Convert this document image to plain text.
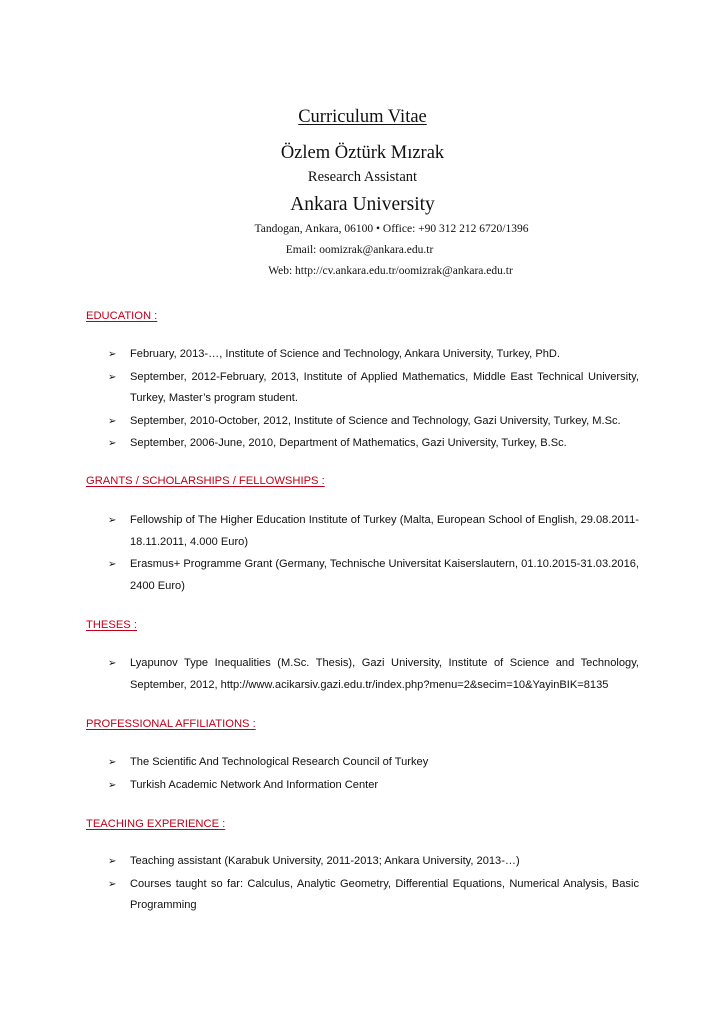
Curriculum Vitae
Özlem Öztürk Mızrak
Research Assistant
Ankara University
Tandogan, Ankara, 06100 • Office: +90 312 212 6720/1396
Email: oomizrak@ankara.edu.tr
Web: http://cv.ankara.edu.tr/oomizrak@ankara.edu.tr
EDUCATION :
➢ February, 2013-…, Institute of Science and Technology, Ankara University, Turkey, PhD.
➢ September, 2012-February, 2013, Institute of Applied Mathematics, Middle East Technical University, Turkey, Master’s program student.
➢ September, 2010-October, 2012, Institute of Science and Technology, Gazi University, Turkey, M.Sc.
➢ September, 2006-June, 2010, Department of Mathematics, Gazi University, Turkey, B.Sc.
GRANTS / SCHOLARSHIPS / FELLOWSHIPS :
➢ Fellowship of The Higher Education Institute of Turkey (Malta, European School of English, 29.08.2011-18.11.2011, 4.000 Euro)
➢ Erasmus+ Programme Grant (Germany, Technische Universitat Kaiserslautern, 01.10.2015-31.03.2016, 2400 Euro)
THESES :
➢ Lyapunov Type Inequalities (M.Sc. Thesis), Gazi University, Institute of Science and Technology, September, 2012, http://www.acikarsiv.gazi.edu.tr/index.php?menu=2&secim=10&YayinBIK=8135
PROFESSIONAL AFFILIATIONS :
➢ The Scientific And Technological Research Council of Turkey
➢ Turkish Academic Network And Information Center
TEACHING EXPERIENCE :
➢ Teaching assistant (Karabuk University, 2011-2013; Ankara University, 2013-…)
➢ Courses taught so far: Calculus, Analytic Geometry, Differential Equations, Numerical Analysis, Basic Programming
